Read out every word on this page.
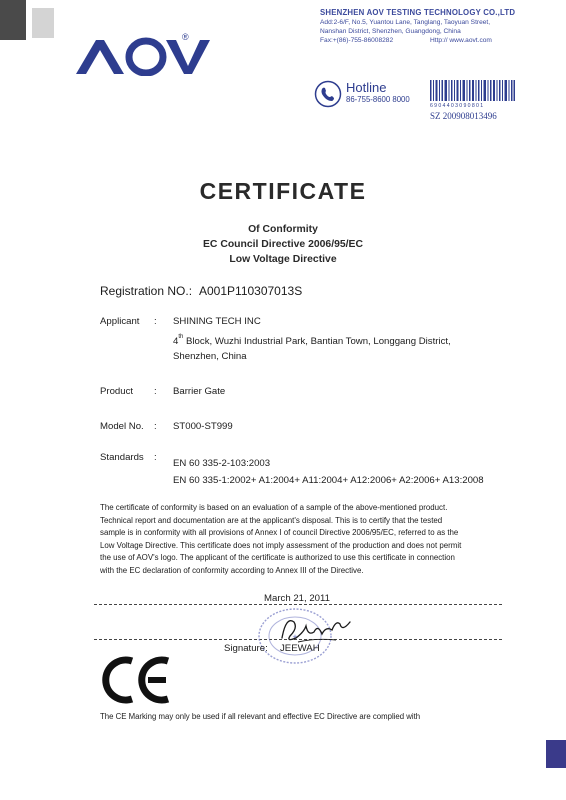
®
SHENZHEN AOV TESTING TECHNOLOGY CO.,LTD
Add:2-6/F, No.5, Yuantou Lane, Tanglang, Taoyuan Street,
Nanshan District, Shenzhen, Guangdong, China
Fax:+(86)-755-86008282	Http:// www.aovt.com
Hotline
86-755-8600 8000
6904403090801
SZ 200908013496
CERTIFICATE
Of Conformity
EC Council Directive 2006/95/EC
Low Voltage Directive
Registration NO.: A001P110307013S
Applicant : SHINING TECH INC
4th Block, Wuzhi Industrial Park, Bantian Town, Longgang District,
Shenzhen, China
Product : Barrier Gate
Model No. : ST000-ST999
Standards :
EN 60 335-2-103:2003
EN 60 335-1:2002+ A1:2004+ A11:2004+ A12:2006+ A2:2006+ A13:2008
The certificate of conformity is based on an evaluation of a sample of the above-mentioned product.
Technical report and documentation are at the applicant's disposal. This is to certify that the tested
sample is in conformity with all provisions of Annex I of council Directive 2006/95/EC, referred to as the
Low Voltage Directive. This certificate does not imply assessment of the production and does not permit
the use of AOV's logo. The applicant of the certificate is authorized to use this certificate in connection
with the EC declaration of conformity according to Annex III of the Directive.
★
March 21, 2011
Signature: JEEWAH
The CE Marking may only be used if all relevant and effective EC Directive are complied with
